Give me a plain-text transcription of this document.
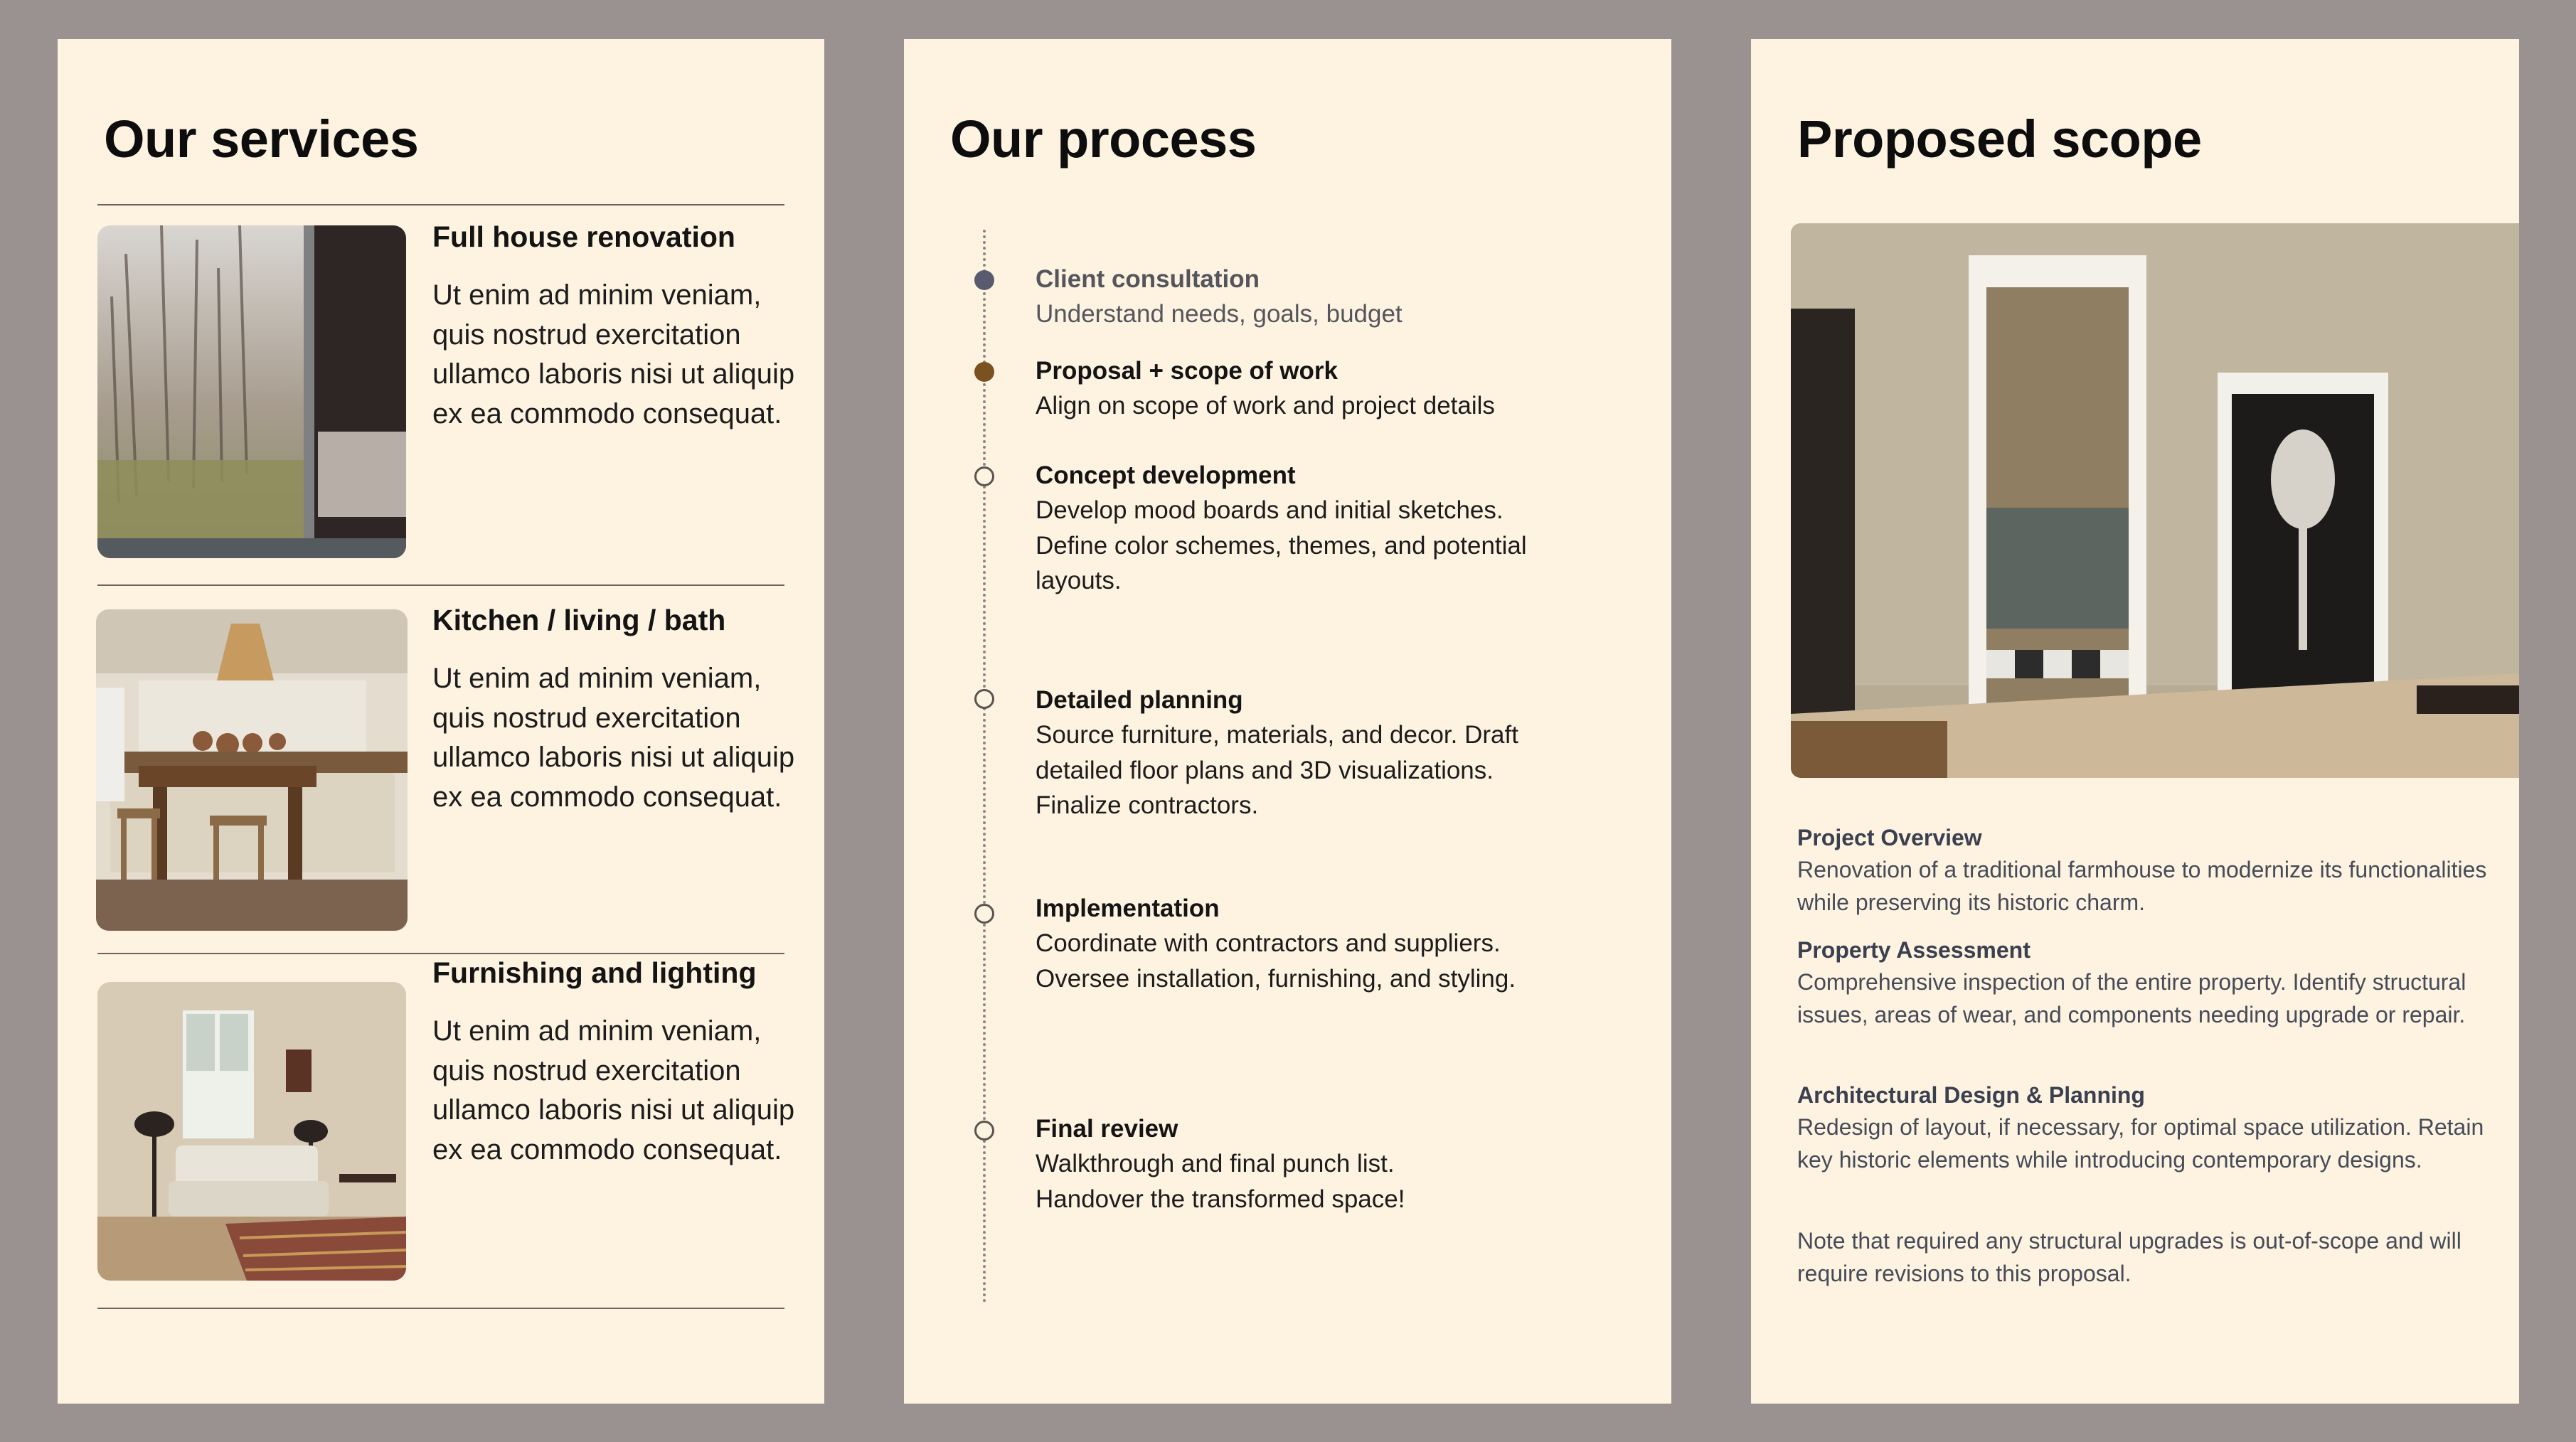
Our services
Full house renovation

Ut enim ad minim veniam, quis nostrud exercitation ullamco laboris nisi ut aliquip ex ea commodo consequat.

Kitchen / living / bath

Ut enim ad minim veniam, quis nostrud exercitation ullamco laboris nisi ut aliquip ex ea commodo consequat.

Furnishing and lighting

Ut enim ad minim veniam, quis nostrud exercitation ullamco laboris nisi ut aliquip ex ea commodo consequat.

Our process
Client consultation

Understand needs, goals, budget

Proposal + scope of work

Align on scope of work and project details

Concept development

Develop mood boards and initial sketches. Define color schemes, themes, and potential layouts.

Detailed planning

Source furniture, materials, and decor. Draft detailed floor plans and 3D visualizations. Finalize contractors.

Implementation

Coordinate with contractors and suppliers. Oversee installation, furnishing, and styling.

Final review

Walkthrough and final punch list. Handover the transformed space!

Proposed scope
Project Overview

Renovation of a traditional farmhouse to modernize its functionalities while preserving its historic charm.

Property Assessment

Comprehensive inspection of the entire property. Identify structural issues, areas of wear, and components needing upgrade or repair.

Architectural Design & Planning

Redesign of layout, if necessary, for optimal space utilization. Retain key historic elements while introducing contemporary designs.

Note that required any structural upgrades is out-of-scope and will require revisions to this proposal.
